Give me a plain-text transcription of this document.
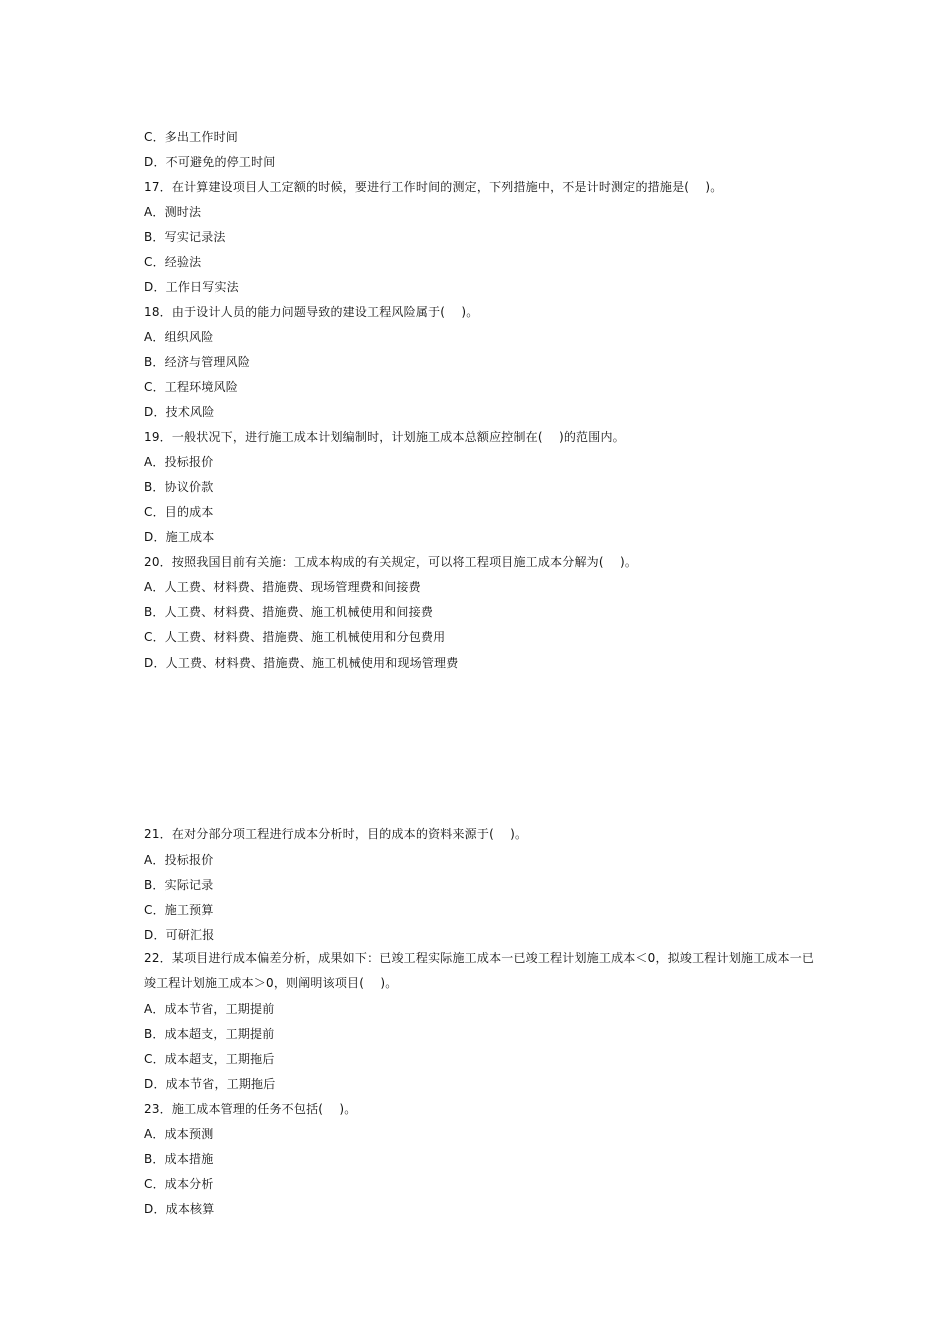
C．多出工作时间
D．不可避免的停工时间
17．在计算建设项目人工定额的时候，要进行工作时间的测定，下列措施中，不是计时测定的措施是(　 )。
A．测时法
B．写实记录法
C．经验法
D．工作日写实法
18．由于设计人员的能力问题导致的建设工程风险属于(　 )。
A．组织风险
B．经济与管理风险
C．工程环境风险
D．技术风险
19．一般状况下，进行施工成本计划编制时，计划施工成本总额应控制在(　 )的范围内。
A．投标报价
B．协议价款
C．目的成本
D．施工成本
20．按照我国目前有关施：工成本构成的有关规定，可以将工程项目施工成本分解为(　 )。
A．人工费、材料费、措施费、现场管理费和间接费
B．人工费、材料费、措施费、施工机械使用和间接费
C．人工费、材料费、措施费、施工机械使用和分包费用
D．人工费、材料费、措施费、施工机械使用和现场管理费
21．在对分部分项工程进行成本分析时，目的成本的资料来源于(　 )。
A．投标报价
B．实际记录
C．施工预算
D．可研汇报
22．某项目进行成本偏差分析，成果如下：已竣工程实际施工成本一已竣工程计划施工成本＜0，拟竣工程计划施工成本一已竣工程计划施工成本＞0，则阐明该项目(　 )。
A．成本节省，工期提前
B．成本超支，工期提前
C．成本超支，工期拖后
D．成本节省，工期拖后
23．施工成本管理的任务不包括(　 )。
A．成本预测
B．成本措施
C．成本分析
D．成本核算
